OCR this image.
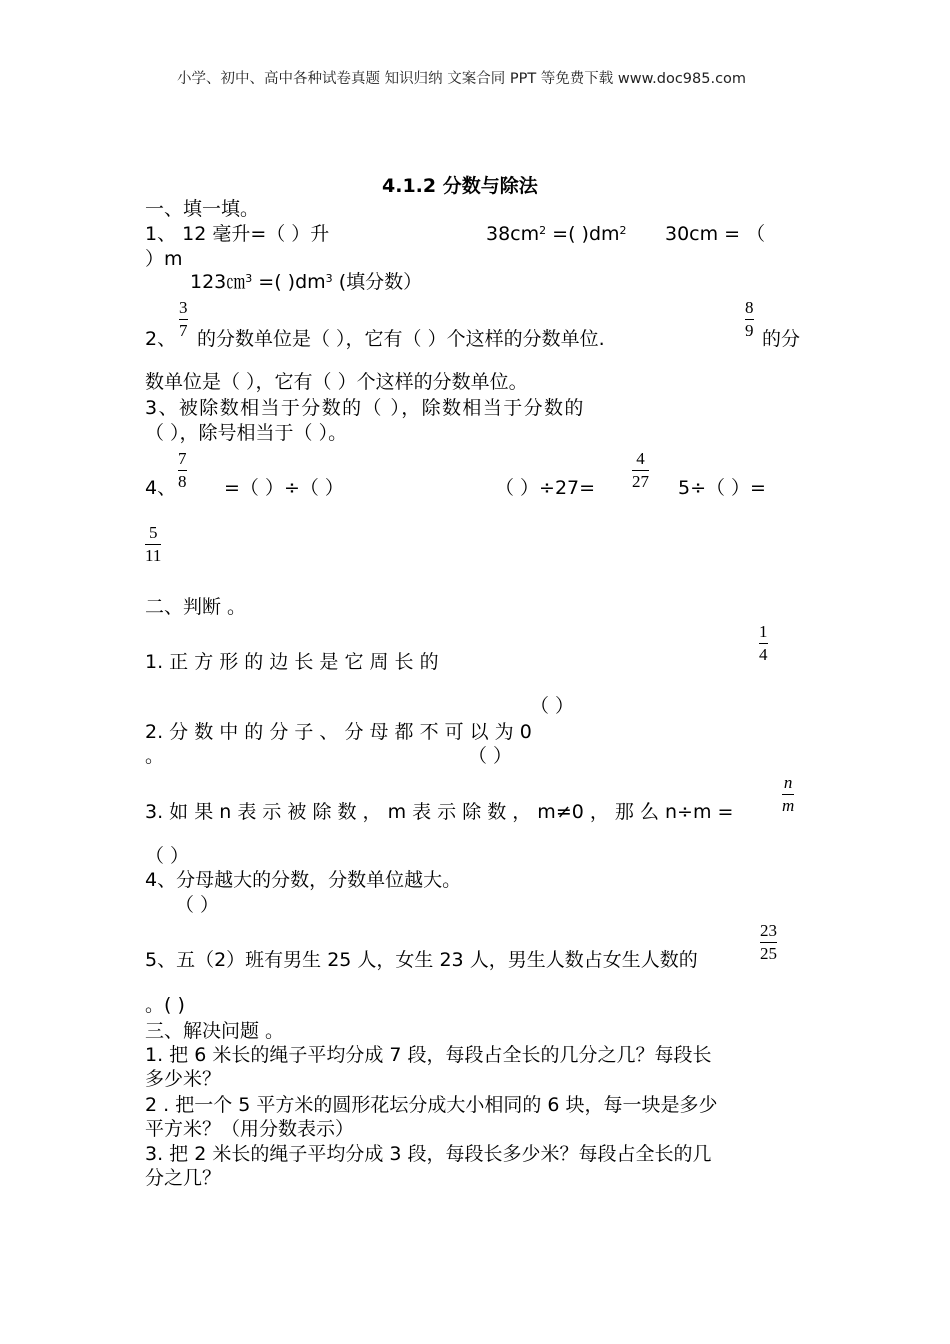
小学、初中、高中各种试卷真题 知识归纳 文案合同 PPT 等免费下载 www.doc985.com
4.1.2 分数与除法
一、填一填。
1、 12 毫升=（ ）升	$38cm^2$ =( )$dm^2$ 30cm = （
）m
123㎝$^3$ =( )$dm^3$ (填分数）
2、
3
7 的分数单位是（ ），它有（ ）个这样的分数单位.
8
9 的分
数单位是（ ），它有（ ）个这样的分数单位。
3、被除数相当于分数的（ ），除数相当于分数的
（ ），除号相当于（ ）。
4、
7
8 =（ ）÷（ ）	（ ）÷27=
4
27 5÷（ ）=
5
11
二、判断 。
1. 正 方 形 的 边 长 是 它 周 长 的
1
4
（ ）
2. 分 数 中 的 分 子 、 分 母 都 不 可 以 为 0
。	（ ）
3. 如 果 n 表 示 被 除 数 ， m 表 示 除 数 ， m≠0 ， 那 么 n÷m =
n
m
（ ）
4、分母越大的分数，分数单位越大。
（ ）
5、五（2）班有男生 25 人，女生 23 人，男生人数占女生人数的
23
25
。( )
三、解决问题 。
1. 把 6 米长的绳子平均分成 7 段，每段占全长的几分之几？每段长
多少米？
2 . 把一个 5 平方米的圆形花坛分成大小相同的 6 块，每一块是多少
平方米？（用分数表示）
3. 把 2 米长的绳子平均分成 3 段，每段长多少米？每段占全长的几
分之几？
